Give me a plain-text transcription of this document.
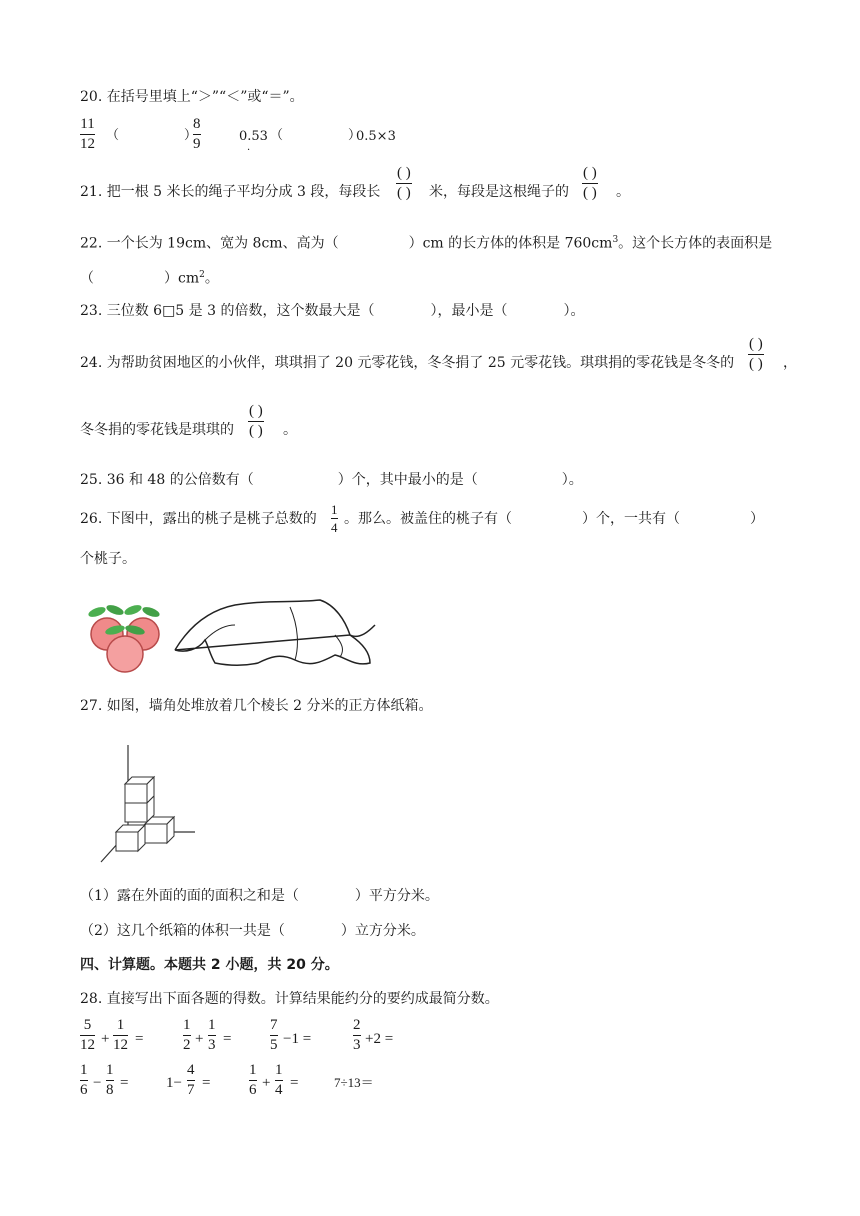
20. 在括号里填上“＞”“＜”或“＝”。
11
12
（　　　　　）
8
9	0.53
·
（　　　　　）
0.5×3
21. 把一根 5 米长的绳子平均分成 3 段，每段长
( )
( ) 米，每段是这根绳子的
( )
( ) 。
22. 一个长为 19cm、宽为 8cm、高为（　　　　　）cm 的长方体的体积是 $760cm^3$。这个长方体的表面积是
（　　　　　）$cm^2$。
23. 三位数 6□5 是 3 的倍数，这个数最大是（　　　　），最小是（　　　　）。
24. 为帮助贫困地区的小伙伴，琪琪捐了 20 元零花钱，冬冬捐了 25 元零花钱。琪琪捐的零花钱是冬冬的
( )
( ) ，
冬冬捐的零花钱是琪琪的
( )
( ) 。
25. 36 和 48 的公倍数有（　　　　　　）个，其中最小的是（　　　　　　）。
26. 下图中，露出的桃子是桃子总数的
1
4
。那么。被盖住的桃子有（　　　　　）个，一共有（　　　　　）
个桃子。
27. 如图，墙角处堆放着几个棱长 2 分米的正方体纸箱。
（1）露在外面的面的面积之和是（　　　　）平方分米。
（2）这几个纸箱的体积一共是（　　　　）立方分米。
四、计算题。本题共 2 小题，共 20 分。
28. 直接写出下面各题的得数。计算结果能约分的要约成最简分数。
5
12 +
1
12 =
1
2 +
1
3 =
7
5 −1 =
2
3 +2 =
1
6 −
1
8 =	1−
4
7 =
1
6 +
1
4 =	7÷13＝
